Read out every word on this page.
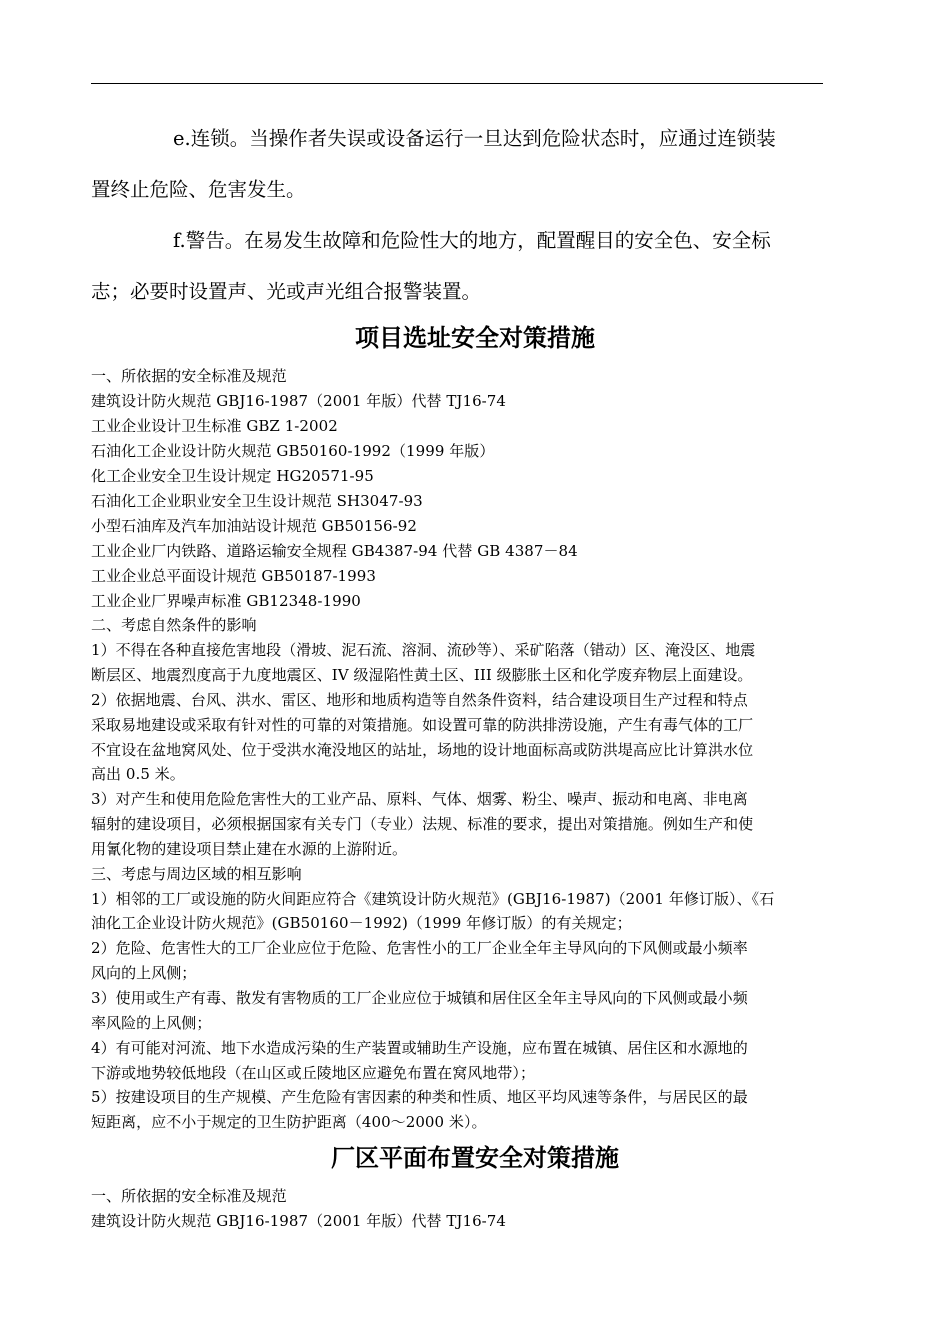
e.连锁。当操作者失误或设备运行一旦达到危险状态时，应通过连锁装
置终止危险、危害发生。
f.警告。在易发生故障和危险性大的地方，配置醒目的安全色、安全标
志；必要时设置声、光或声光组合报警装置。
项目选址安全对策措施
一、所依据的安全标准及规范
建筑设计防火规范 GBJ16-1987（2001 年版）代替 TJ16-74
工业企业设计卫生标准 GBZ 1-2002
石油化工企业设计防火规范 GB50160-1992（1999 年版）
化工企业安全卫生设计规定 HG20571-95
石油化工企业职业安全卫生设计规范 SH3047-93
小型石油库及汽车加油站设计规范 GB50156-92
工业企业厂内铁路、道路运输安全规程 GB4387-94 代替 GB 4387－84
工业企业总平面设计规范 GB50187-1993
工业企业厂界噪声标准 GB12348-1990
二、考虑自然条件的影响
1）不得在各种直接危害地段（滑坡、泥石流、溶洞、流砂等）、采矿陷落（错动）区、淹没区、地震
断层区、地震烈度高于九度地震区、IV 级湿陷性黄土区、III 级膨胀土区和化学废弃物层上面建设。
2）依据地震、台风、洪水、雷区、地形和地质构造等自然条件资料，结合建设项目生产过程和特点
采取易地建设或采取有针对性的可靠的对策措施。如设置可靠的防洪排涝设施，产生有毒气体的工厂
不宜设在盆地窝风处、位于受洪水淹没地区的站址，场地的设计地面标高或防洪堤高应比计算洪水位
高出 0.5 米。
3）对产生和使用危险危害性大的工业产品、原料、气体、烟雾、粉尘、噪声、振动和电离、非电离
辐射的建设项目，必须根据国家有关专门（专业）法规、标准的要求，提出对策措施。例如生产和使
用氰化物的建设项目禁止建在水源的上游附近。
三、考虑与周边区域的相互影响
1）相邻的工厂或设施的防火间距应符合《建筑设计防火规范》(GBJ16-1987)（2001 年修订版）、《石
油化工企业设计防火规范》(GB50160－1992)（1999 年修订版）的有关规定；
2）危险、危害性大的工厂企业应位于危险、危害性小的工厂企业全年主导风向的下风侧或最小频率
风向的上风侧；
3）使用或生产有毒、散发有害物质的工厂企业应位于城镇和居住区全年主导风向的下风侧或最小频
率风险的上风侧；
4）有可能对河流、地下水造成污染的生产装置或辅助生产设施，应布置在城镇、居住区和水源地的
下游或地势较低地段（在山区或丘陵地区应避免布置在窝风地带）；
5）按建设项目的生产规模、产生危险有害因素的种类和性质、地区平均风速等条件，与居民区的最
短距离，应不小于规定的卫生防护距离（400～2000 米）。
厂区平面布置安全对策措施
一、所依据的安全标准及规范
建筑设计防火规范 GBJ16-1987（2001 年版）代替 TJ16-74
